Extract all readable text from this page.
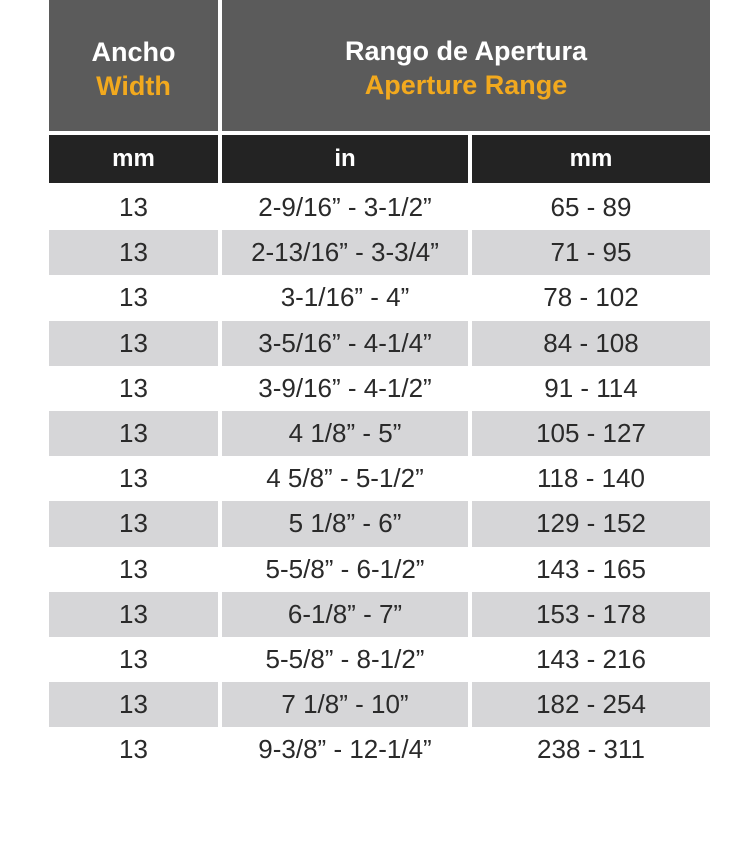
Ancho
Width
Rango de Apertura
Aperture Range
mm	in	mm
13	2-9/16” - 3-1/2”	65 - 89
13	2-13/16” - 3-3/4”	71 - 95
13	3-1/16” - 4”	78 - 102
13	3-5/16” - 4-1/4”	84 - 108
13	3-9/16” - 4-1/2”	91 - 114
13	4 1/8” - 5”	105 - 127
13	4 5/8” - 5-1/2”	118 - 140
13	5 1/8” - 6”	129 - 152
13	5-5/8” - 6-1/2”	143 - 165
13	6-1/8” - 7”	153 - 178
13	5-5/8” - 8-1/2”	143 - 216
13	7 1/8” - 10”	182 - 254
13	9-3/8” - 12-1/4”	238 - 311
